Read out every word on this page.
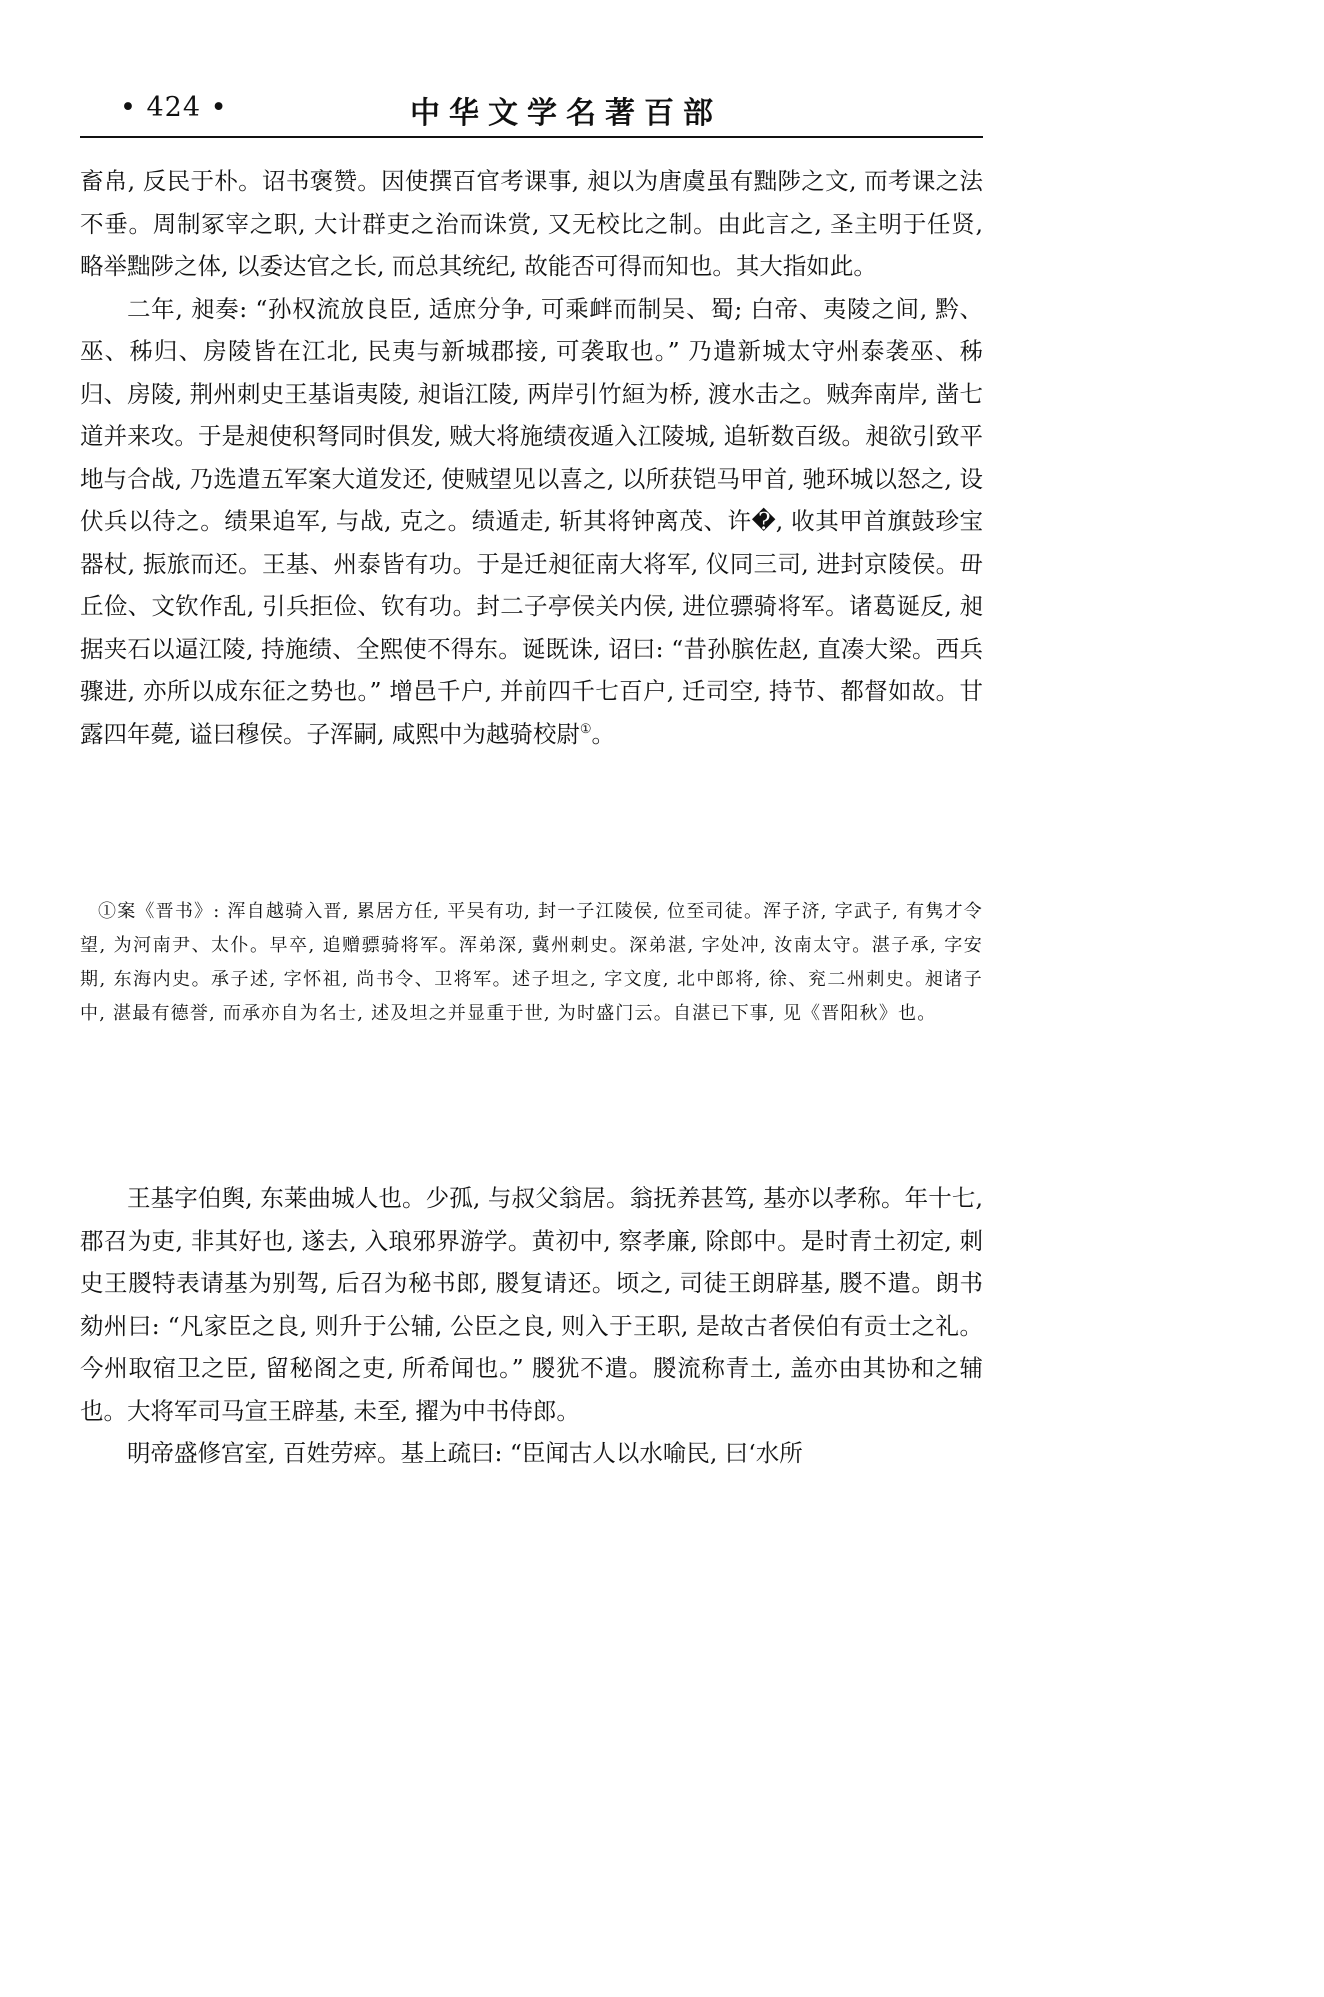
• 424 •	中华文学名著百部

畜帛, 反民于朴。诏书褒赞。因使撰百官考课事, 昶以为唐虞虽有黜陟之文, 而考课之法不垂。周制冢宰之职, 大计群吏之治而诛赏, 又无校比之制。由此言之, 圣主明于任贤, 略举黜陟之体, 以委达官之长, 而总其统纪, 故能否可得而知也。其大指如此。

二年, 昶奏: “孙权流放良臣, 适庶分争, 可乘衅而制吴、蜀; 白帝、夷陵之间, 黔、巫、秭归、房陵皆在江北, 民夷与新城郡接, 可袭取也。” 乃遣新城太守州泰袭巫、秭归、房陵, 荆州刺史王基诣夷陵, 昶诣江陵, 两岸引竹絙为桥, 渡水击之。贼奔南岸, 凿七道并来攻。于是昶使积弩同时俱发, 贼大将施绩夜遁入江陵城, 追斩数百级。昶欲引致平地与合战, 乃选遣五军案大道发还, 使贼望见以喜之, 以所获铠马甲首, 驰环城以怒之, 设伏兵以待之。绩果追军, 与战, 克之。绩遁走, 斩其将钟离茂、许�, 收其甲首旗鼓珍宝器杖, 振旅而还。王基、州泰皆有功。于是迁昶征南大将军, 仪同三司, 进封京陵侯。毌丘俭、文钦作乱, 引兵拒俭、钦有功。封二子亭侯关内侯, 进位骠骑将军。诸葛诞反, 昶据夹石以逼江陵, 持施绩、全熙使不得东。诞既诛, 诏曰: “昔孙膑佐赵, 直凑大梁。西兵骤进, 亦所以成东征之势也。” 增邑千户, 并前四千七百户, 迁司空, 持节、都督如故。甘露四年薨, 谥曰穆侯。子浑嗣, 咸熙中为越骑校尉①。

①案《晋书》: 浑自越骑入晋, 累居方任, 平吴有功, 封一子江陵侯, 位至司徒。浑子济, 字武子, 有隽才令望, 为河南尹、太仆。早卒, 追赠骠骑将军。浑弟深, 冀州刺史。深弟湛, 字处冲, 汝南太守。湛子承, 字安期, 东海内史。承子述, 字怀祖, 尚书令、卫将军。述子坦之, 字文度, 北中郎将, 徐、兖二州刺史。昶诸子中, 湛最有德誉, 而承亦自为名士, 述及坦之并显重于世, 为时盛门云。自湛已下事, 见《晋阳秋》也。

王基字伯舆, 东莱曲城人也。少孤, 与叔父翁居。翁抚养甚笃, 基亦以孝称。年十七, 郡召为吏, 非其好也, 遂去, 入琅邪界游学。黄初中, 察孝廉, 除郎中。是时青土初定, 刺史王朡特表请基为别驾, 后召为秘书郎, 朡复请还。顷之, 司徒王朗辟基, 朡不遣。朗书劾州曰: “凡家臣之良, 则升于公辅, 公臣之良, 则入于王职, 是故古者侯伯有贡士之礼。今州取宿卫之臣, 留秘阁之吏, 所希闻也。” 朡犹不遣。朡流称青土, 盖亦由其协和之辅也。大将军司马宣王辟基, 未至, 擢为中书侍郎。

明帝盛修宫室, 百姓劳瘁。基上疏曰: “臣闻古人以水喻民, 曰‘水所
